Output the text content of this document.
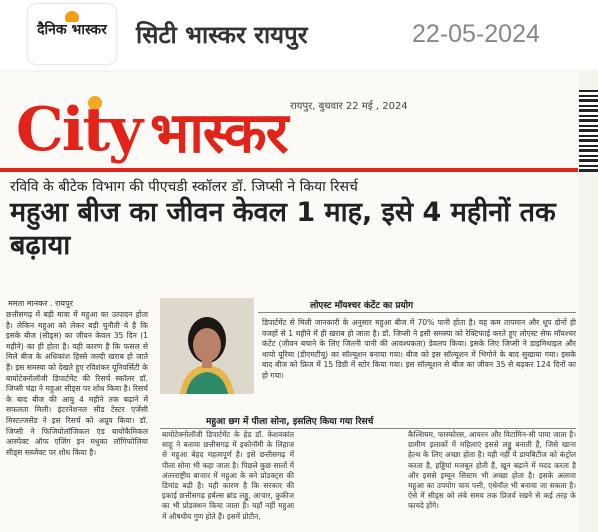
दैनिक भास्कर सिटी भास्कर रायपुर	22-05-2024
City भास्कर रायपुर, बुधवार 22 मई , 2024
रविवि के बीटेक विभाग की पीएचडी स्कॉलर डॉ. जिप्सी ने किया रिसर्च
महुआ बीज का जीवन केवल 1 माह, इसे 4 महीनों तक बढ़ाया
ममता मानकर . रायपुर
छत्तीसगढ़ में बड़ी मात्रा में महुआ का उत्पादन होता है। लेकिन महुआ को लेकर बड़ी चुनौती ये है कि इसके बीज (सीड्स) का जीवन केवल 35 दिन (1 महीने) का ही होता है। यही कारण है कि फसल से मिले बीज के अधिकांश हिस्से जल्दी खराब हो जाते हैं। इस समस्या को देखते हुए रविशंकर यूनिवर्सिटी के बायोटेक्नोलॉजी डिपार्टमेंट की रिसर्च स्कॉलर डॉ. जिप्सी चंद्रा ने महुआ सीड्स पर शोध किया है। रिसर्च के बाद बीज की आयु 4 महीने तक बढ़ाने में सफलता मिली। इंटरनेशनल सीड टेस्टर एजेंसी मिस्टल्जसेंड ने इस रिसर्च को अप्रूव किया। डॉ. जिप्सी ने फिजियोलॉजिकल एंड बायोकैमिकल आस्पेक्ट ऑफ एजिंग इन मधुका लॉगिफोलिया सीड्स सब्जेक्ट पर शोध किया है।
लोएस्ट मॉयश्चर कंटेंट का प्रयोग
डिपार्टमेंट से मिली जानकारी के अनुसार महुआ बीज में 70% पानी होता है। यह कम तापमान और धूप दोनों ही वजहों से 1 महीने में ही खराब हो जाता है। डॉ. जिप्सी ने इसी समस्या को रेक्टिफाई करते हुए लोएस्ट सेफ मॉयश्चर कंटेंट (जीवन बचाने के लिए जितनी पानी की आवश्यकता) डेवलप किया। इसके लिए जिप्सी ने डाइमिथाइल और थायो यूरिया (डीएमटीयू) का सॉल्यूशन बनाया गया। बीज को इस सॉल्यूशन में भिगोने के बाद सुखाया गया। इसके बाद बीज को फ्रिज में 15 डिग्री में स्टोर किया गया। इस सॉल्यूशन से बीज का जीवन 35 से बढ़कर 124 दिनों का हो गया।
महुआ छग में पीला सोना, इसलिए किया गया रिसर्च
बायोटेक्नोलॉजी डिपार्टमेंट के हेड डॉ. केशवकांत साहू ने बताया छत्तीसगढ़ में इकोनॉमी के लिहाज से महुआ बेहद महत्वपूर्ण है। इसे छत्तीसगढ़ में पीला सोना भी कहा जाता है। पिछले कुछ सालों में अंतरराष्ट्रीय बाजार में महुआ के बने प्रोडक्ट्स की डिमांड बढ़ी है। यही कारण है कि सरकार की इकाई छत्तीसगढ़ हर्बल्स ब्रांड लड्डू, आचार, कुकीज का भी प्रोडक्शन किया जाता है। यहाँ नहीं महुआ में औषधीय गुण होते हैं। इसमें प्रोटीन,
कैल्शियम, फास्फोरस, आयरन और विटामिन-सी पाया जाता है। ग्रामीण इलाकों में महिलाएं इससे लड्डू बनाती हैं, जिसे खाना हेल्थ के लिए अच्छा होता है। यही नहीं ये डायबिटीज को कंट्रोल करता है, हड्डियां मजबूत होती हैं, खून बढ़ाने में मदद करता है और इससे इम्यून सिस्टम भी अच्छा होता है। इसके अलावा महुआ का उपयोग चाय पत्ती, एथेनॉल भी बनाया जा सकता है। ऐसे में सीड्स को लंबे समय तक प्रिजर्व रखने से कई तरह के फायदे होंगे।
